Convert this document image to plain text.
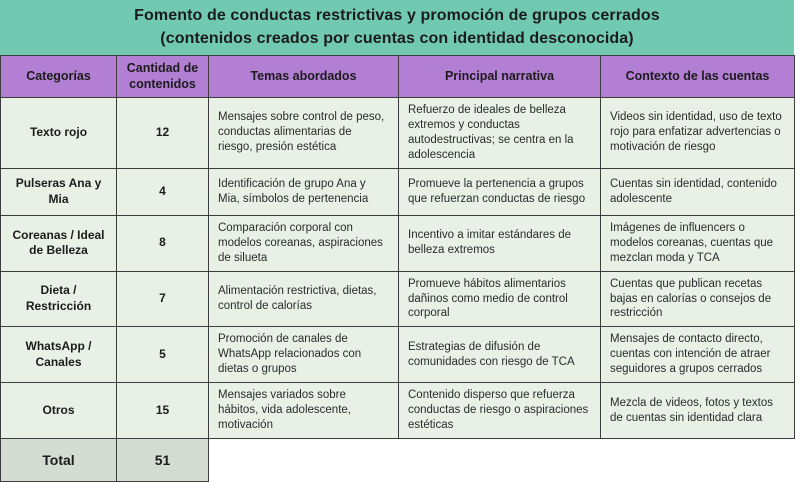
Fomento de conductas restrictivas y promoción de grupos cerrados
(contenidos creados por cuentas con identidad desconocida)
Categorías	Cantidad de contenidos	Temas abordados	Principal narrativa	Contexto de las cuentas
Texto rojo	12	Mensajes sobre control de peso, conductas alimentarias de riesgo, presión estética	Refuerzo de ideales de belleza extremos y conductas autodestructivas; se centra en la adolescencia	Videos sin identidad, uso de texto rojo para enfatizar advertencias o motivación de riesgo
Pulseras Ana y Mia	4	Identificación de grupo Ana y Mia, símbolos de pertenencia	Promueve la pertenencia a grupos que refuerzan conductas de riesgo	Cuentas sin identidad, contenido adolescente
Coreanas / Ideal de Belleza	8	Comparación corporal con modelos coreanas, aspiraciones de silueta	Incentivo a imitar estándares de belleza extremos	Imágenes de influencers o modelos coreanas, cuentas que mezclan moda y TCA
Dieta / Restricción	7	Alimentación restrictiva, dietas, control de calorías	Promueve hábitos alimentarios dañinos como medio de control corporal	Cuentas que publican recetas bajas en calorías o consejos de restricción
WhatsApp / Canales	5	Promoción de canales de WhatsApp relacionados con dietas o grupos	Estrategias de difusión de comunidades con riesgo de TCA	Mensajes de contacto directo, cuentas con intención de atraer seguidores a grupos cerrados
Otros	15	Mensajes variados sobre hábitos, vida adolescente, motivación	Contenido disperso que refuerza conductas de riesgo o aspiraciones estéticas	Mezcla de videos, fotos y textos de cuentas sin identidad clara
Total	51			
